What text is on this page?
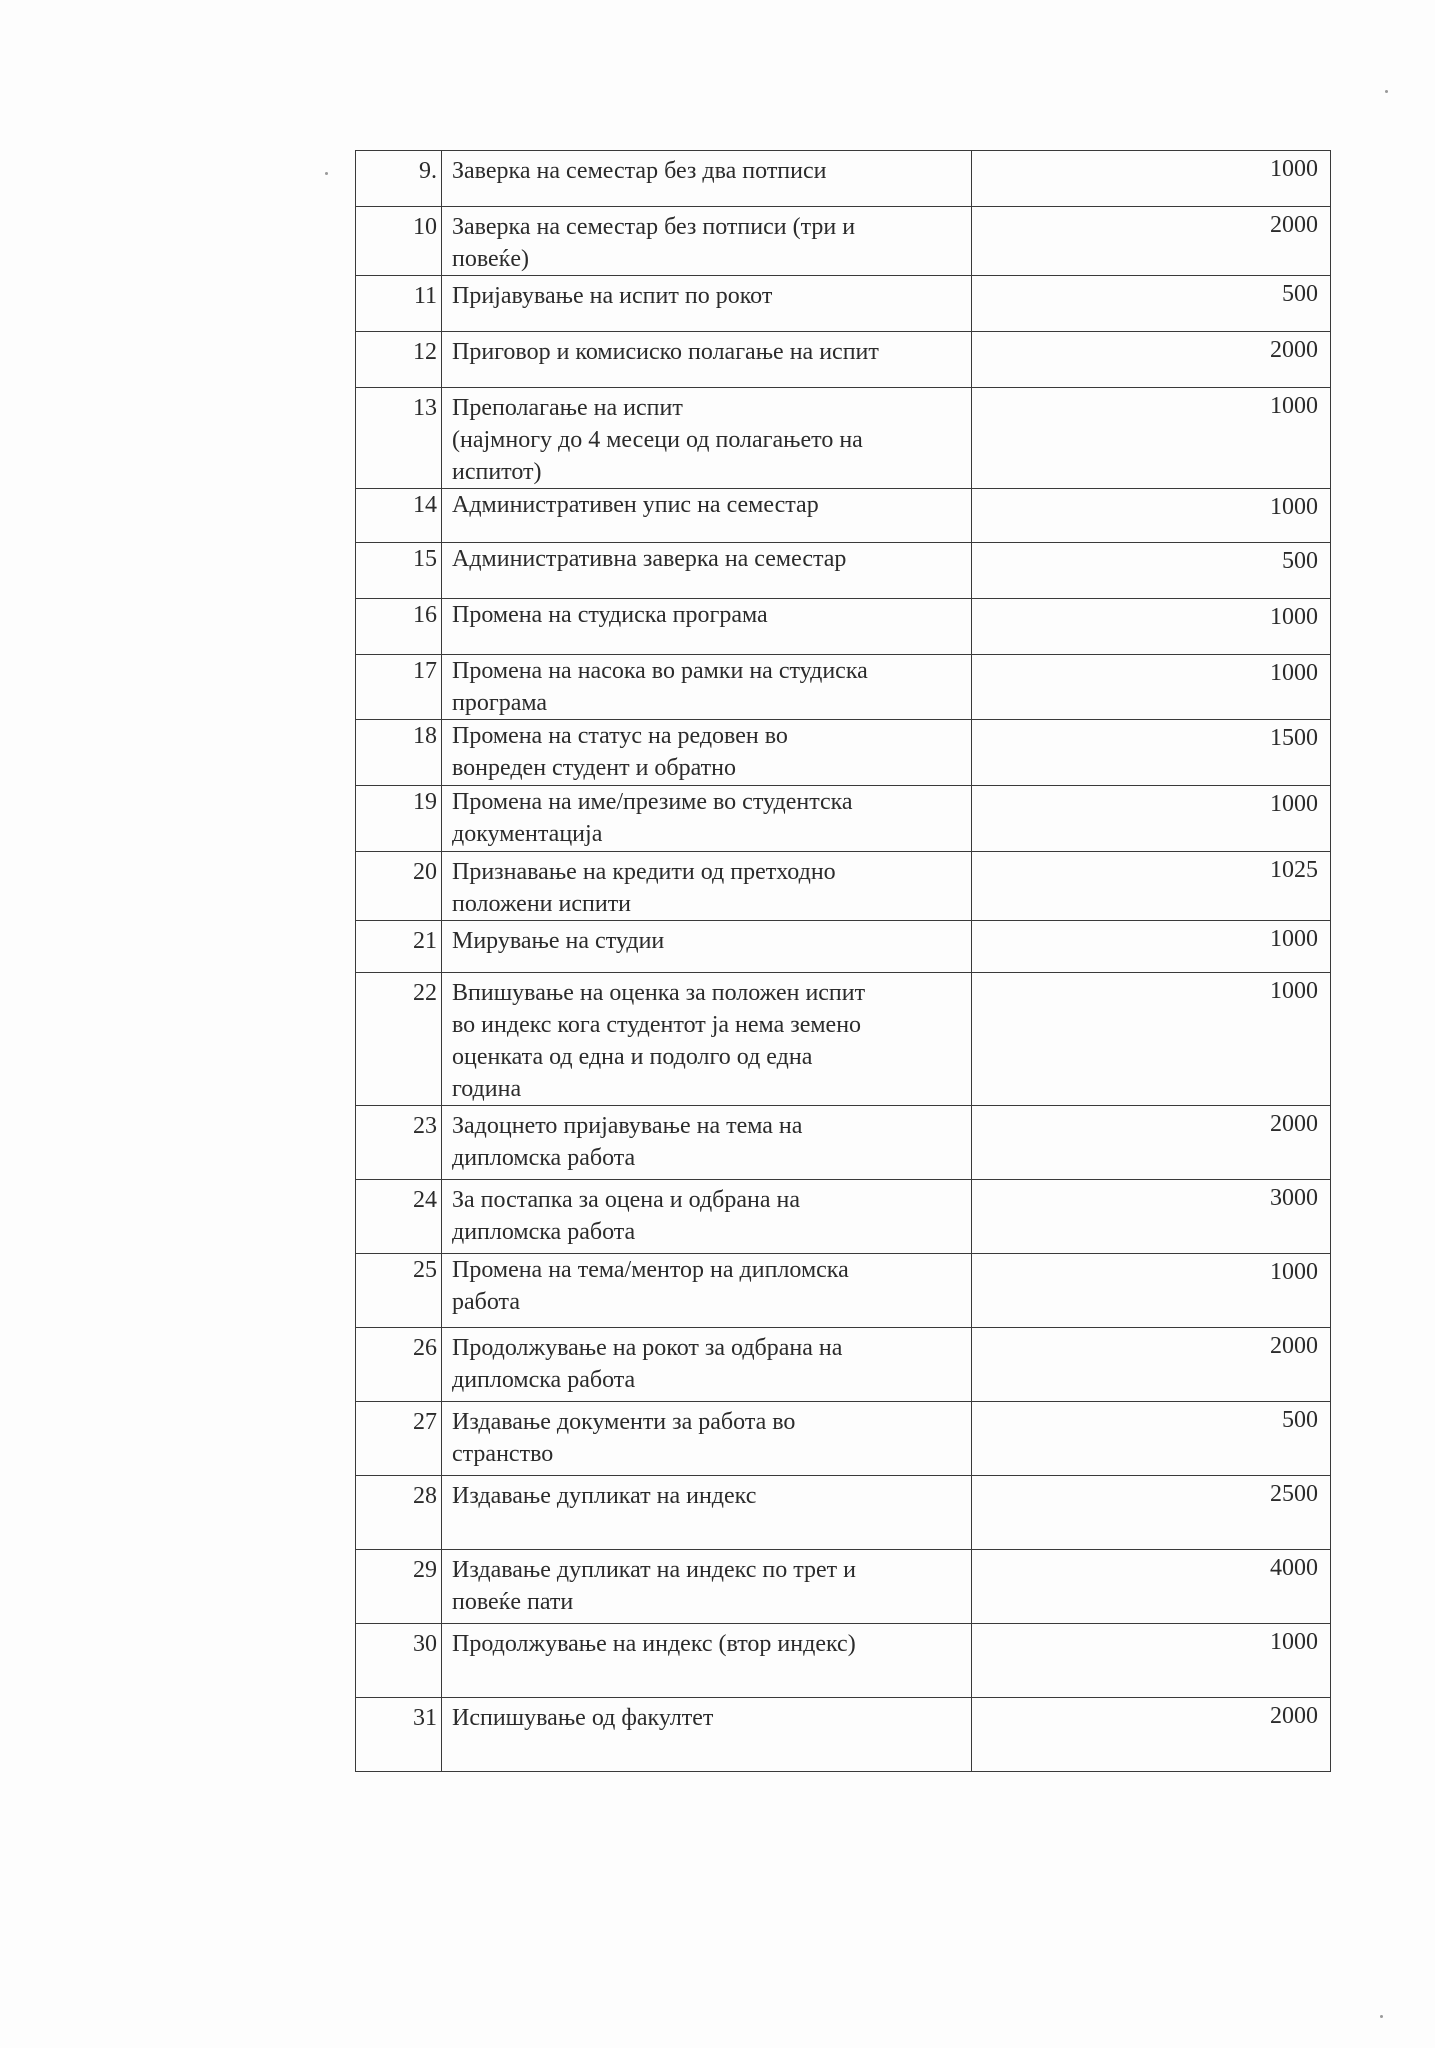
9.	Заверка на семестар без два потписи	1000
10	Заверка на семестар без потписи (три и
повеќе)	2000
11	Пријавување на испит по рокот	500
12	Приговор и комисиско полагање на испит	2000
13	Преполагање на испит
(најмногу до 4 месеци од полагањето на
испитот)	1000
14	Административен упис на семестар	1000
15	Административна заверка на семестар	500
16	Промена на студиска програма	1000
17	Промена на насока во рамки на студиска
програма	1000
18	Промена на статус на редовен во
вонреден студент и обратно	1500
19	Промена на име/презиме во студентска
документација	1000
20	Признавање на кредити од претходно
положени испити	1025
21	Мирување на студии	1000
22	Впишување на оценка за положен испит
во индекс кога студентот ја нема земено
оценката од една и подолго од една
година	1000
23	Задоцнето пријавување на тема на
дипломска работа	2000
24	За постапка за оцена и одбрана на
дипломска работа	3000
25	Промена на тема/ментор на дипломска
работа	1000
26	Продолжување на рокот за одбрана на
дипломска работа	2000
27	Издавање документи за работа во
странство	500
28	Издавање дупликат на индекс	2500
29	Издавање дупликат на индекс по трет и
повеќе пати	4000
30	Продолжување на индекс (втор индекс)	1000
31	Испишување од факултет	2000
